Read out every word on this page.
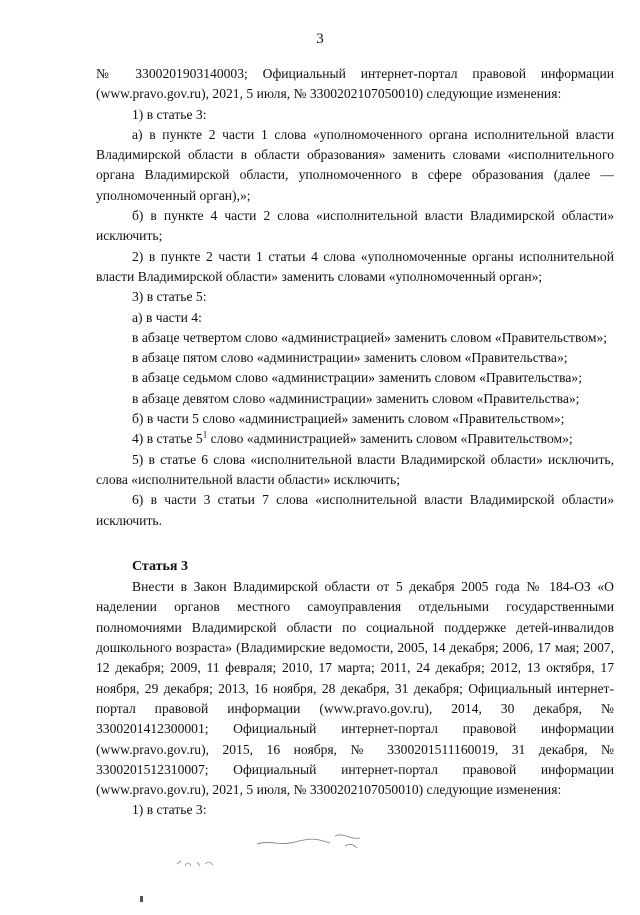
3

№ 3300201903140003; Официальный интернет-портал правовой информации (www.pravo.gov.ru), 2021, 5 июля, № 3300202107050010) следующие изменения:

1) в статье 3:

а) в пункте 2 части 1 слова «уполномоченного органа исполнительной власти Владимирской области в области образования» заменить словами «исполнительного органа Владимирской области, уполномоченного в сфере образования (далее — уполномоченный орган),»;

б) в пункте 4 части 2 слова «исполнительной власти Владимирской области» исключить;

2) в пункте 2 части 1 статьи 4 слова «уполномоченные органы исполнительной власти Владимирской области» заменить словами «уполномоченный орган»;

3) в статье 5:

а) в части 4:

в абзаце четвертом слово «администрацией» заменить словом «Правительством»;

в абзаце пятом слово «администрации» заменить словом «Правительства»;

в абзаце седьмом слово «администрации» заменить словом «Правительства»;

в абзаце девятом слово «администрации» заменить словом «Правительства»;

б) в части 5 слово «администрацией» заменить словом «Правительством»;

4) в статье $5^1$ слово «администрацией» заменить словом «Правительством»;

5) в статье 6 слова «исполнительной власти Владимирской области» исключить, слова «исполнительной власти области» исключить;

6) в части 3 статьи 7 слова «исполнительной власти Владимирской области» исключить.

Статья 3

Внести в Закон Владимирской области от 5 декабря 2005 года № 184-ОЗ «О наделении органов местного самоуправления отдельными государственными полномочиями Владимирской области по социальной поддержке детей-инвалидов дошкольного возраста» (Владимирские ведомости, 2005, 14 декабря; 2006, 17 мая; 2007, 12 декабря; 2009, 11 февраля; 2010, 17 марта; 2011, 24 декабря; 2012, 13 октября, 17 ноября, 29 декабря; 2013, 16 ноября, 28 декабря, 31 декабря; Официальный интернет-портал правовой информации (www.pravo.gov.ru), 2014, 30 декабря, № 3300201412300001; Официальный интернет-портал правовой информации (www.pravo.gov.ru), 2015, 16 ноября, № 3300201511160019, 31 декабря, № 3300201512310007; Официальный интернет-портал правовой информации (www.pravo.gov.ru), 2021, 5 июля, № 3300202107050010) следующие изменения:

1) в статье 3:
